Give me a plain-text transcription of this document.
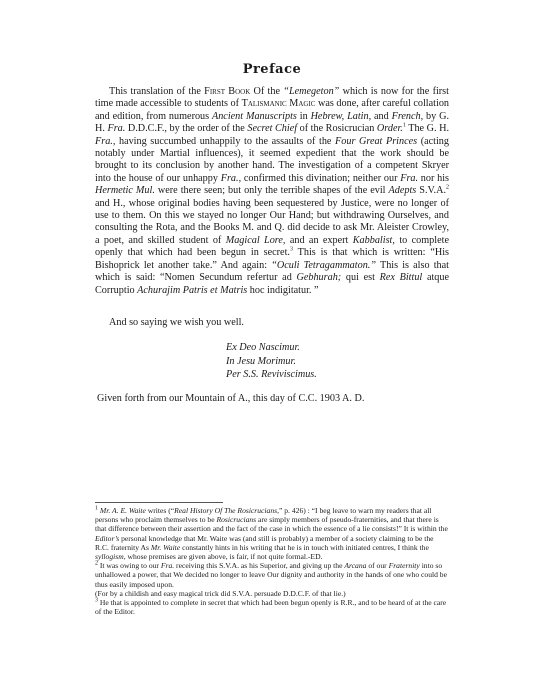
Preface

This translation of the First Book Of the “Lemegeton” which is now for the first time made accessible to students of Talismanic Magic was done, after careful collation and edition, from numerous Ancient Manuscripts in Hebrew, Latin, and French, by G. H. Fra. D.D.C.F., by the order of the Secret Chief of the Rosicrucian Order.$^1$ The G. H. Fra., having succumbed unhappily to the assaults of the Four Great Princes (acting notably under Martial influences), it seemed expedient that the work should be brought to its conclusion by another hand. The investigation of a competent Skryer into the house of our unhappy Fra., confirmed this divination; neither our Fra. nor his Hermetic Mul. were there seen; but only the terrible shapes of the evil Adepts S.V.A.$^2$ and H., whose original bodies having been sequestered by Justice, were no longer of use to them. On this we stayed no longer Our Hand; but withdrawing Ourselves, and consulting the Rota, and the Books M. and Q. did decide to ask Mr. Aleister Crowley, a poet, and skilled student of Magical Lore, and an expert Kabbalist, to complete openly that which had been begun in secret.$^3$ This is that which is written: “His Bishoprick let another take.” And again: “Oculi Tetragammaton.” This is also that which is said: “Nomen Secundum refertur ad Gebhurah; qui est Rex Bittul atque Corruptio Achurajim Patris et Matris hoc indigitatur. ”

And so saying we wish you well.
Ex Deo Nascimur.
In Jesu Morimur.
Per S.S. Reviviscimus.
Given forth from our Mountain of A., this day of C.C. 1903 A. D.
$^1$ Mr. A. E. Waite writes (“Real History Of The Rosicrucians,” p. 426) : “I beg leave to warn my readers that all persons who proclaim themselves to be Rosicrucians are simply members of pseudo-fraternities, and that there is that difference between their assertion and the fact of the case in which the essence of a lie consists!” It is within the Editor’s personal knowledge that Mr. Waite was (and still is probably) a member of a society claiming to be the R.C. fraternity As Mr. Waite constantly hints in his writing that he is in touch with initiated centres, I think the syllogism, whose premises are given above, is fair, if not quite formal.-ED.
$^2$ It was owing to our Fra. receiving this S.V.A. as his Superior, and giving up the Arcana of our Fraternity into so unhallowed a power, that We decided no longer to leave Our dignity and authority in the hands of one who could be thus easily imposed upon.
(For by a childish and easy magical trick did S.V.A. persuade D.D.C.F. of that lie.)
$^3$ He that is appointed to complete in secret that which had been begun openly is R.R., and to be heard of at the care of the Editor.
